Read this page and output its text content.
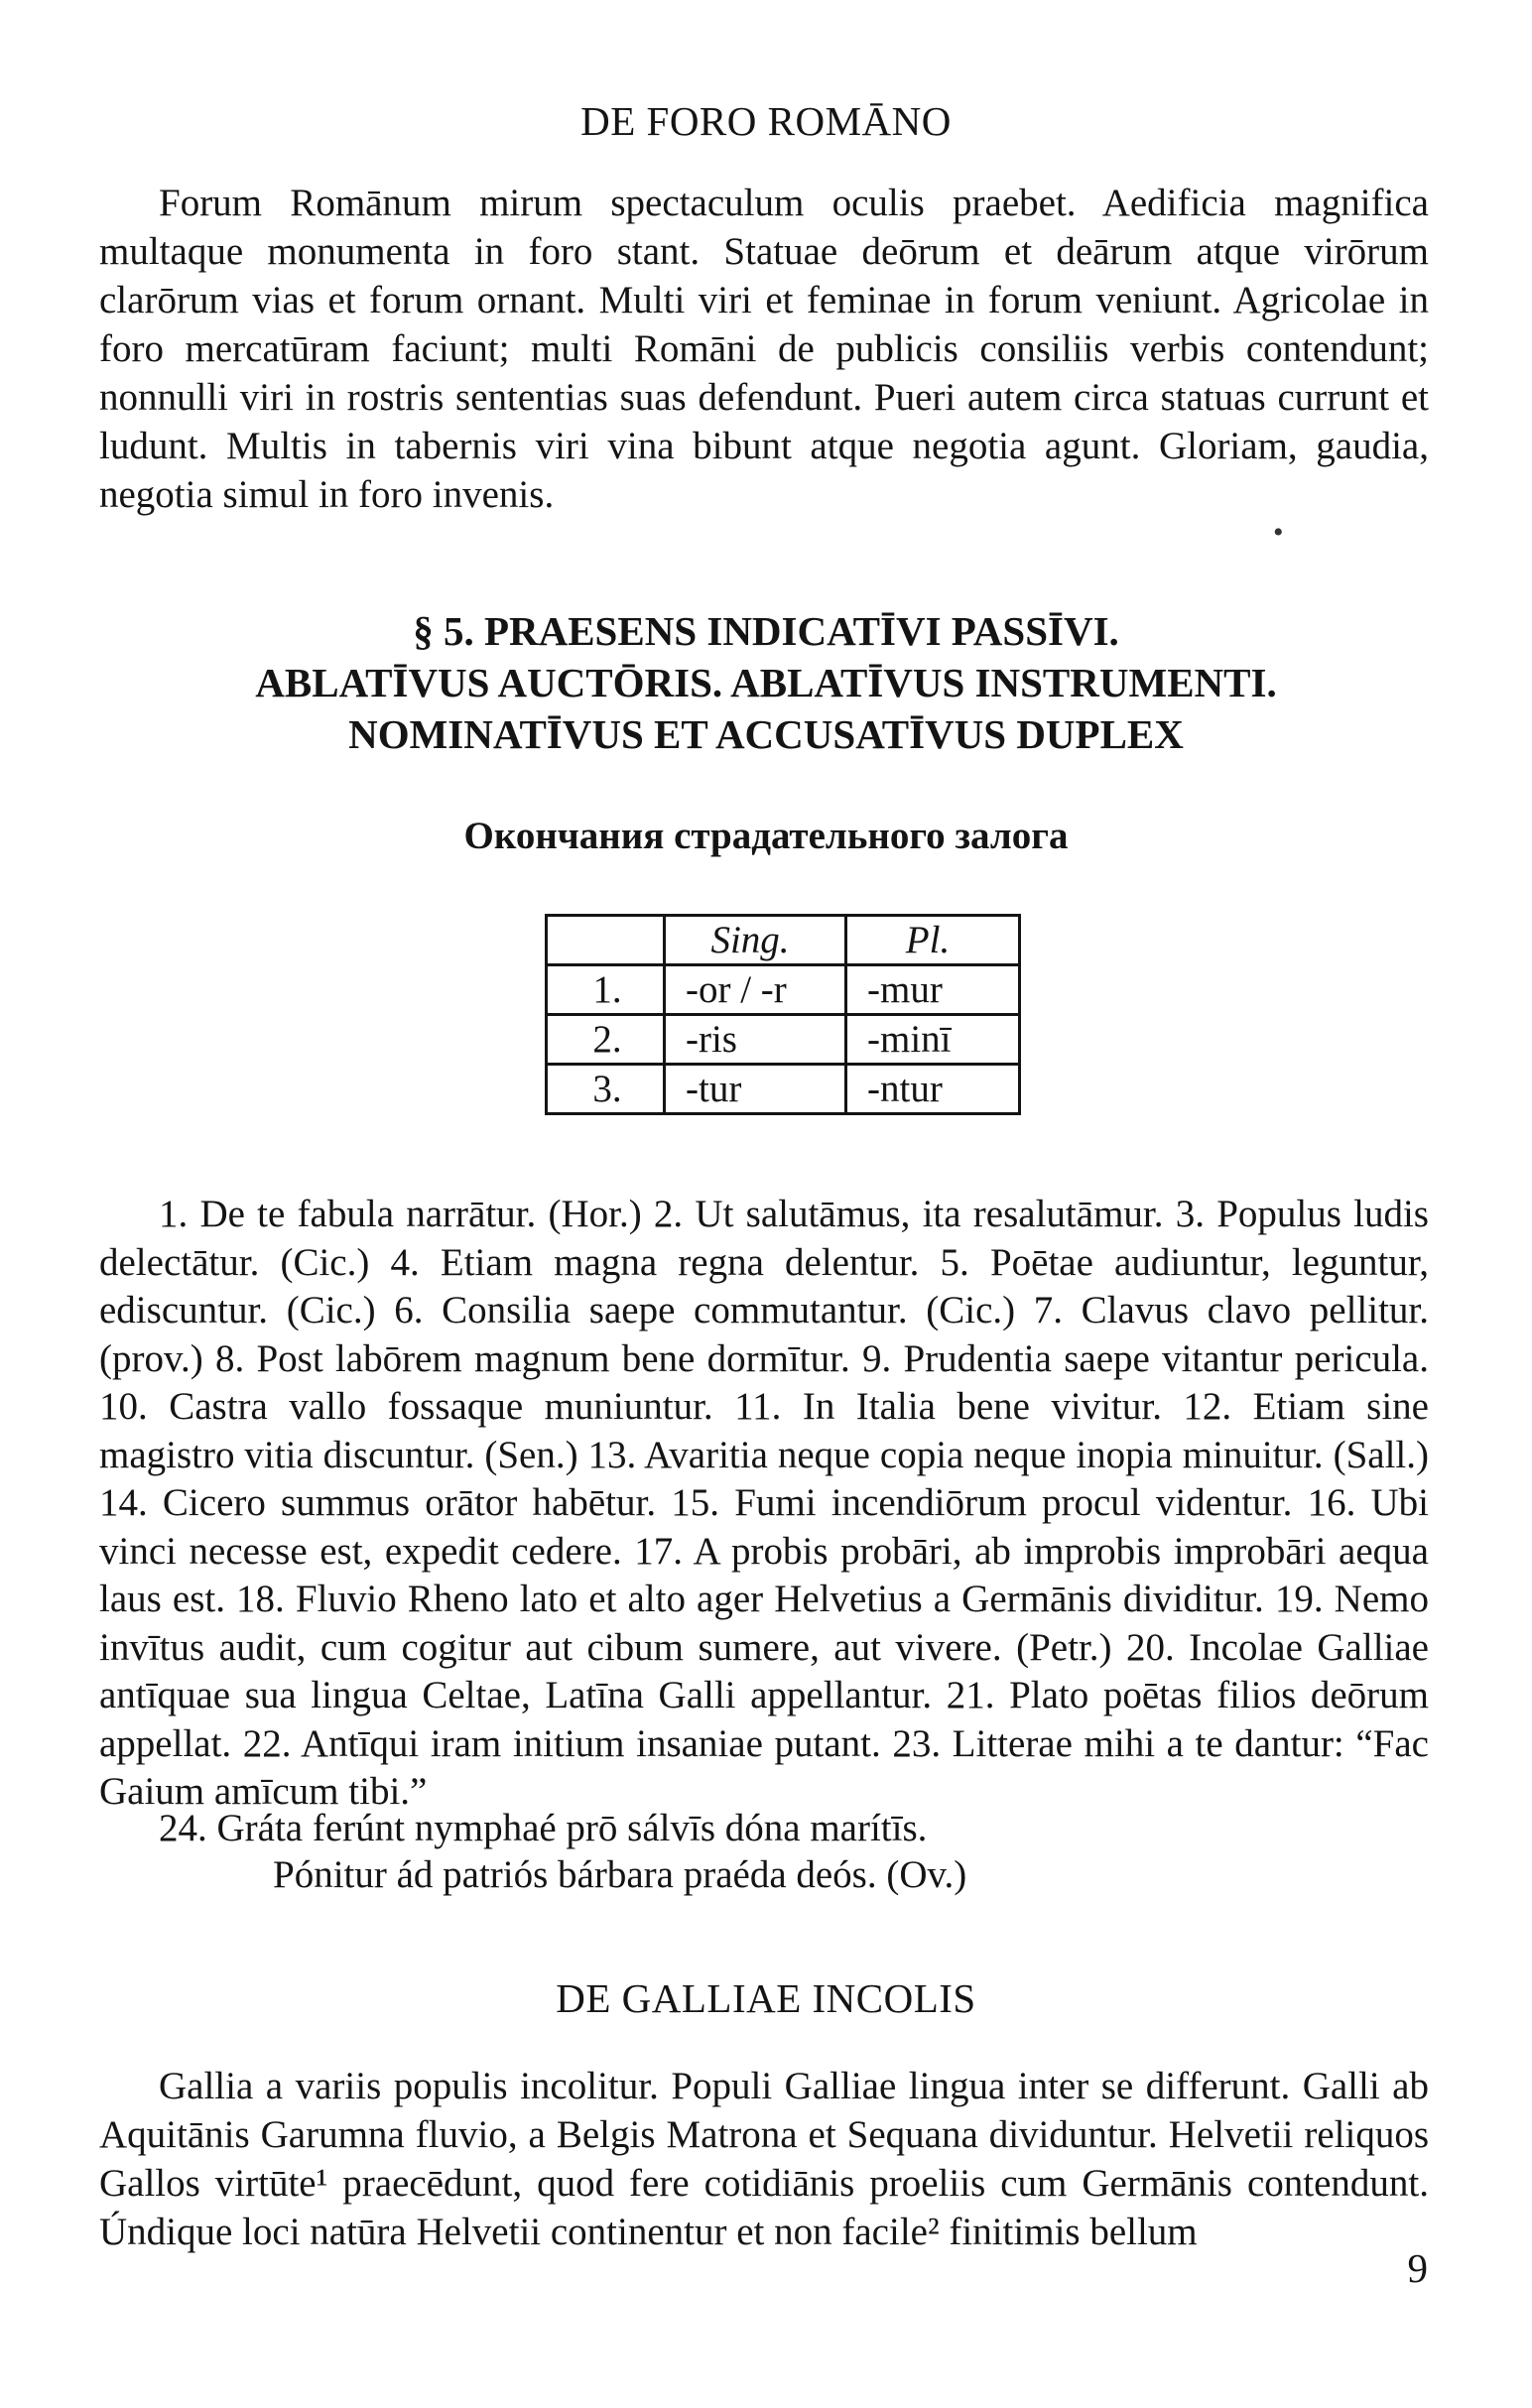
DE FORO ROMĀNO

Forum Romānum mirum spectaculum oculis praebet. Aedificia magnifica multaque monumenta in foro stant. Statuae deōrum et deārum atque virōrum clarōrum vias et forum ornant. Multi viri et feminae in forum veniunt. Agricolae in foro mercatūram faciunt; multi Romāni de publicis consiliis verbis contendunt; nonnulli viri in rostris sententias suas defendunt. Pueri autem circa statuas currunt et ludunt. Multis in tabernis viri vina bibunt atque negotia agunt. Gloriam, gaudia, negotia simul in foro invenis.

•
§ 5. PRAESENS INDICATĪVI PASSĪVI.
ABLATĪVUS AUCTŌRIS. ABLATĪVUS INSTRUMENTI.
NOMINATĪVUS ET ACCUSATĪVUS DUPLEX
Окончания страдательного залога
	Sing.	Pl.
1.	-or / -r	-mur
2.	-ris	-minī
3.	-tur	-ntur

1. De te fabula narrātur. (Hor.) 2. Ut salutāmus, ita resalutāmur. 3. Populus ludis delectātur. (Cic.) 4. Etiam magna regna delentur. 5. Poētae audiuntur, leguntur, ediscuntur. (Cic.) 6. Consilia saepe commutantur. (Cic.) 7. Clavus clavo pellitur. (prov.) 8. Post labōrem magnum bene dormītur. 9. Prudentia saepe vitantur pericula. 10. Castra vallo fossaque muniuntur. 11. In Italia bene vivitur. 12. Etiam sine magistro vitia discuntur. (Sen.) 13. Avaritia neque copia neque inopia minuitur. (Sall.) 14. Cicero summus orātor habētur. 15. Fumi incendiōrum procul videntur. 16. Ubi vinci necesse est, expedit cedere. 17. A probis probāri, ab improbis improbāri aequa laus est. 18. Fluvio Rheno lato et alto ager Helvetius a Germānis dividitur. 19. Nemo invītus audit, cum cogitur aut cibum sumere, aut vivere. (Petr.) 20. Incolae Galliae antīquae sua lingua Celtae, Latīna Galli appellantur. 21. Plato poētas filios deōrum appellat. 22. Antīqui iram initium insaniae putant. 23. Litterae mihi a te dantur: “Fac Gaium amīcum tibi.”

24. Gráta ferúnt nymphaé prō sálvīs dóna marítīs.
Pónitur ád patriós bárbara praéda deós. (Ov.)
DE GALLIAE INCOLIS

Gallia a variis populis incolitur. Populi Galliae lingua inter se differunt. Galli ab Aquitānis Garumna fluvio, a Belgis Matrona et Sequana dividuntur. Helvetii reliquos Gallos virtūte¹ praecēdunt, quod fere cotidiānis proeliis cum Germānis contendunt. Úndique loci natūra Helvetii continentur et non facile² finitimis bellum

9
